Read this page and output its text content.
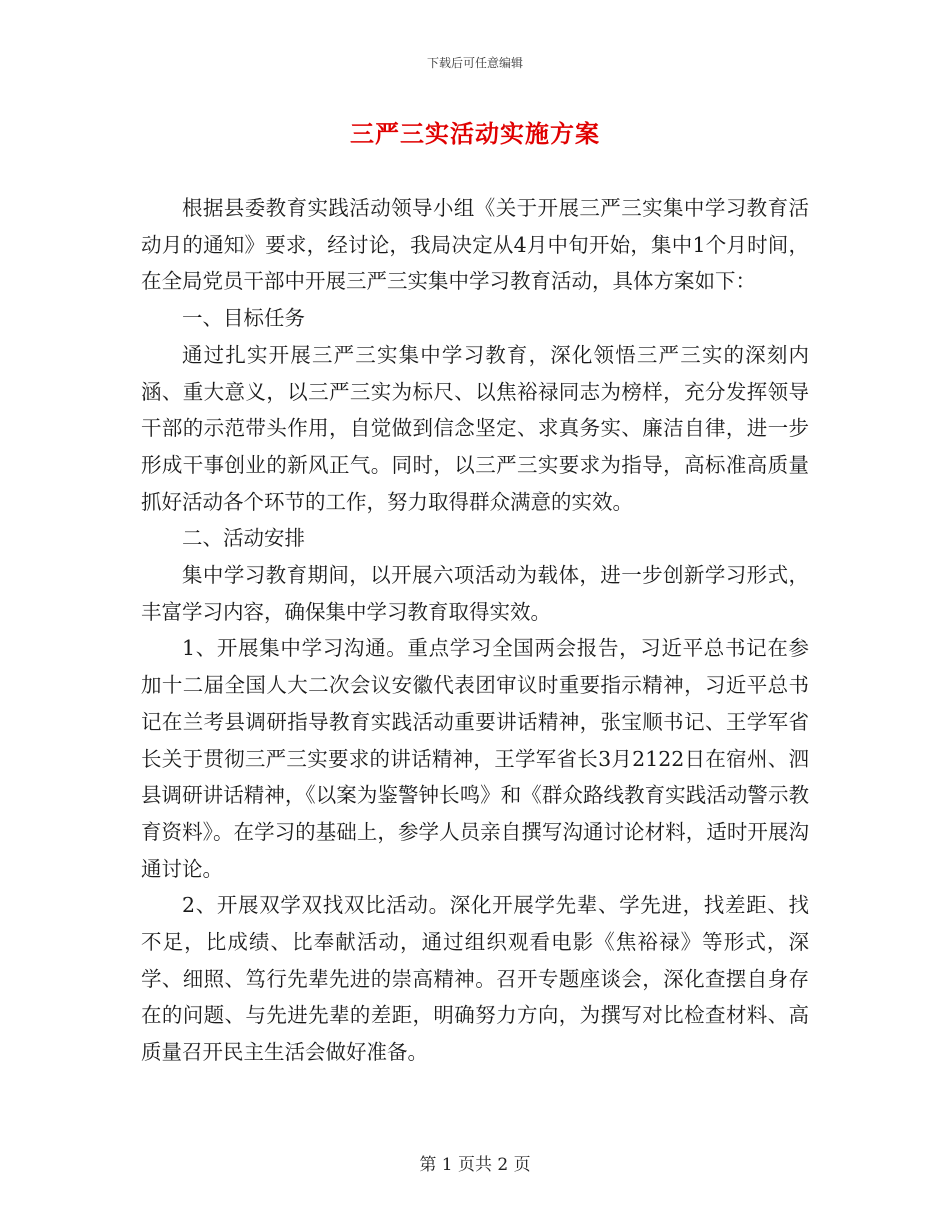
下载后可任意编辑
三严三实活动实施方案

根据县委教育实践活动领导小组《关于开展三严三实集中学习教育活动月的通知》要求，经讨论，我局决定从4月中旬开始，集中1个月时间，在全局党员干部中开展三严三实集中学习教育活动，具体方案如下：

一、目标任务

通过扎实开展三严三实集中学习教育，深化领悟三严三实的深刻内涵、重大意义，以三严三实为标尺、以焦裕禄同志为榜样，充分发挥领导干部的示范带头作用，自觉做到信念坚定、求真务实、廉洁自律，进一步形成干事创业的新风正气。同时，以三严三实要求为指导，高标准高质量抓好活动各个环节的工作，努力取得群众满意的实效。

二、活动安排

集中学习教育期间，以开展六项活动为载体，进一步创新学习形式，丰富学习内容，确保集中学习教育取得实效。

1、开展集中学习沟通。重点学习全国两会报告，习近平总书记在参加十二届全国人大二次会议安徽代表团审议时重要指示精神，习近平总书记在兰考县调研指导教育实践活动重要讲话精神，张宝顺书记、王学军省长关于贯彻三严三实要求的讲话精神，王学军省长3月2122日在宿州、泗县调研讲话精神，《以案为鉴警钟长鸣》和《群众路线教育实践活动警示教育资料》。在学习的基础上，参学人员亲自撰写沟通讨论材料，适时开展沟通讨论。

2、开展双学双找双比活动。深化开展学先辈、学先进，找差距、找不足，比成绩、比奉献活动，通过组织观看电影《焦裕禄》等形式，深学、细照、笃行先辈先进的崇高精神。召开专题座谈会，深化查摆自身存在的问题、与先进先辈的差距，明确努力方向，为撰写对比检查材料、高质量召开民主生活会做好准备。

第 1 页共 2 页
